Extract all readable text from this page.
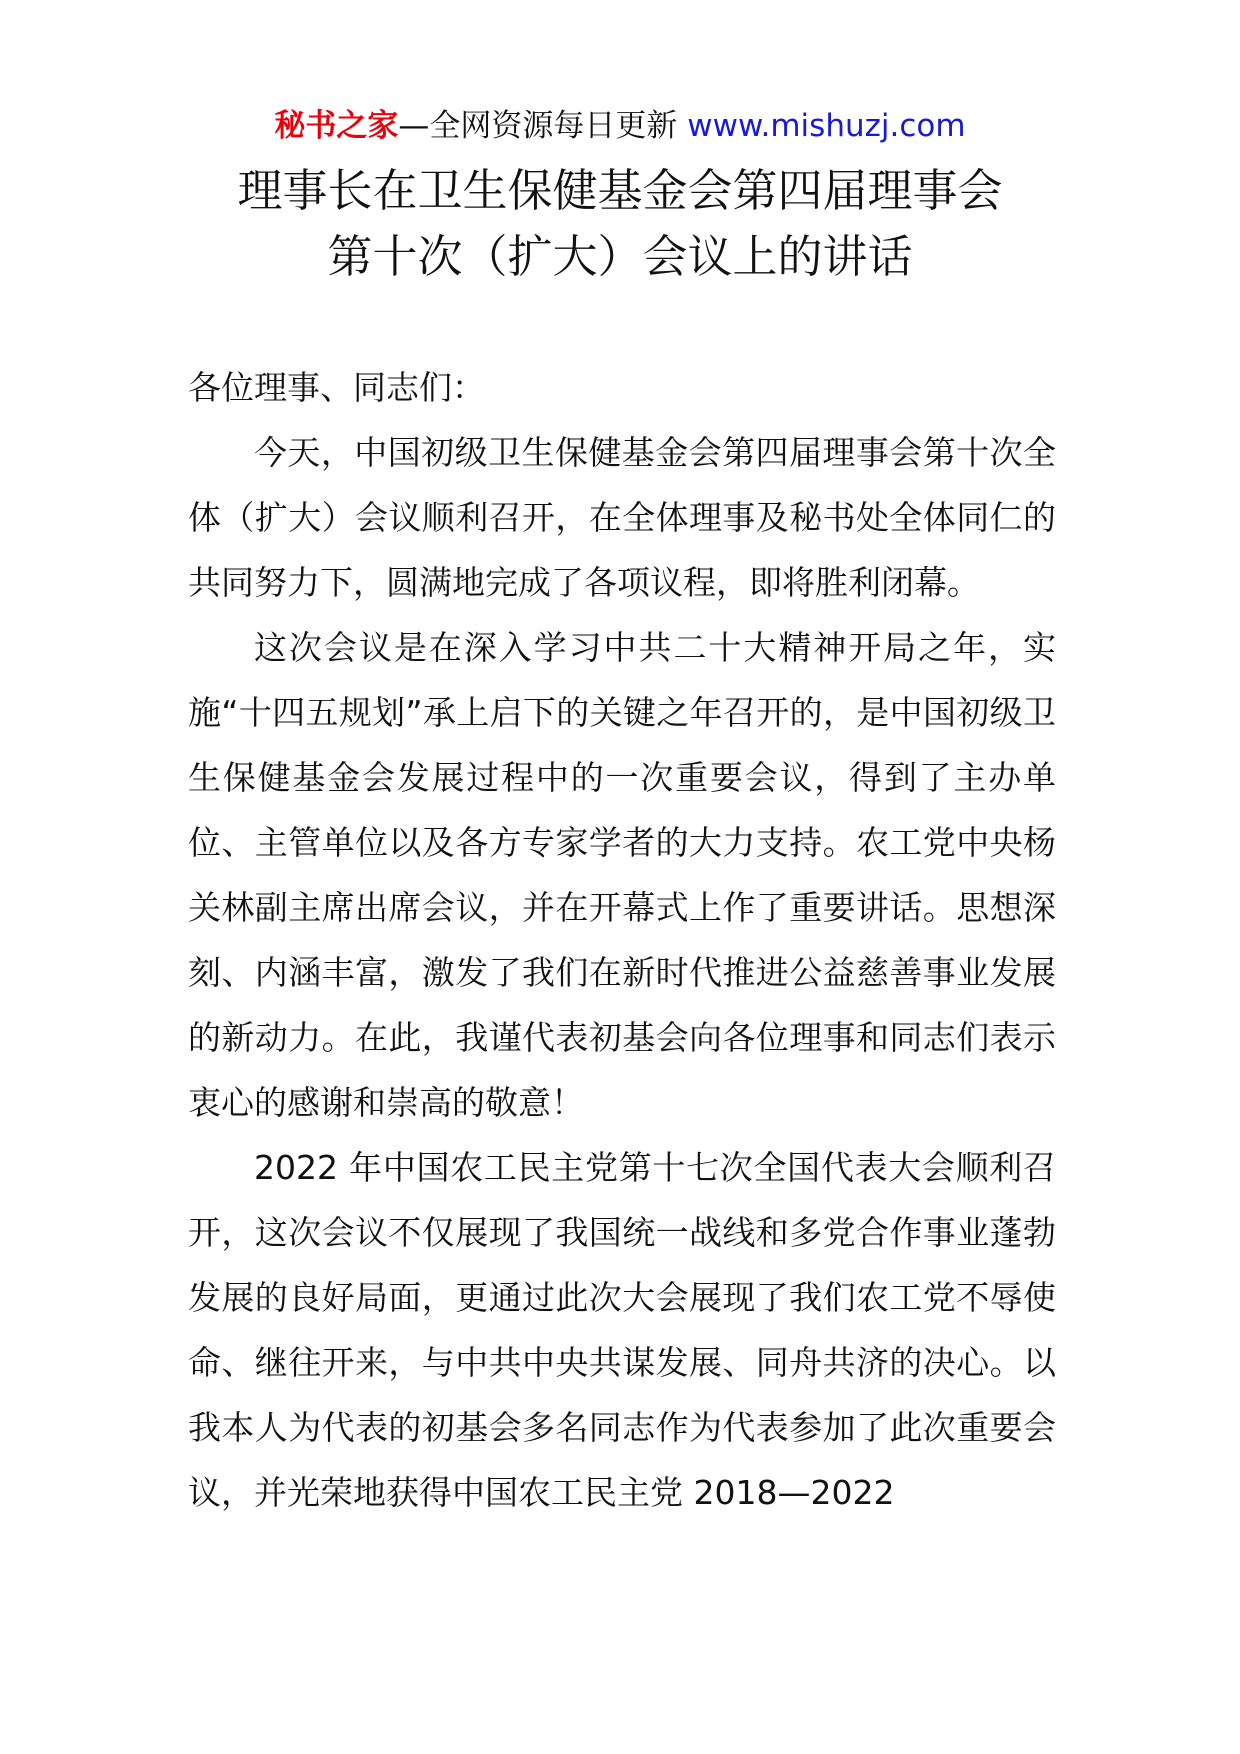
秘书之家—全网资源每日更新 www.mishuzj.com
理事长在卫生保健基金会第四届理事会
第十次（扩大）会议上的讲话

各位理事、同志们：

今天，中国初级卫生保健基金会第四届理事会第十次全体（扩大）会议顺利召开，在全体理事及秘书处全体同仁的共同努力下，圆满地完成了各项议程，即将胜利闭幕。

这次会议是在深入学习中共二十大精神开局之年，实施“十四五规划”承上启下的关键之年召开的，是中国初级卫生保健基金会发展过程中的一次重要会议，得到了主办单位、主管单位以及各方专家学者的大力支持。农工党中央杨关林副主席出席会议，并在开幕式上作了重要讲话。思想深刻、内涵丰富，激发了我们在新时代推进公益慈善事业发展的新动力。在此，我谨代表初基会向各位理事和同志们表示衷心的感谢和崇高的敬意！

2022 年中国农工民主党第十七次全国代表大会顺利召开，这次会议不仅展现了我国统一战线和多党合作事业蓬勃发展的良好局面，更通过此次大会展现了我们农工党不辱使命、继往开来，与中共中央共谋发展、同舟共济的决心。以我本人为代表的初基会多名同志作为代表参加了此次重要会议，并光荣地获得中国农工民主党 2018—2022
